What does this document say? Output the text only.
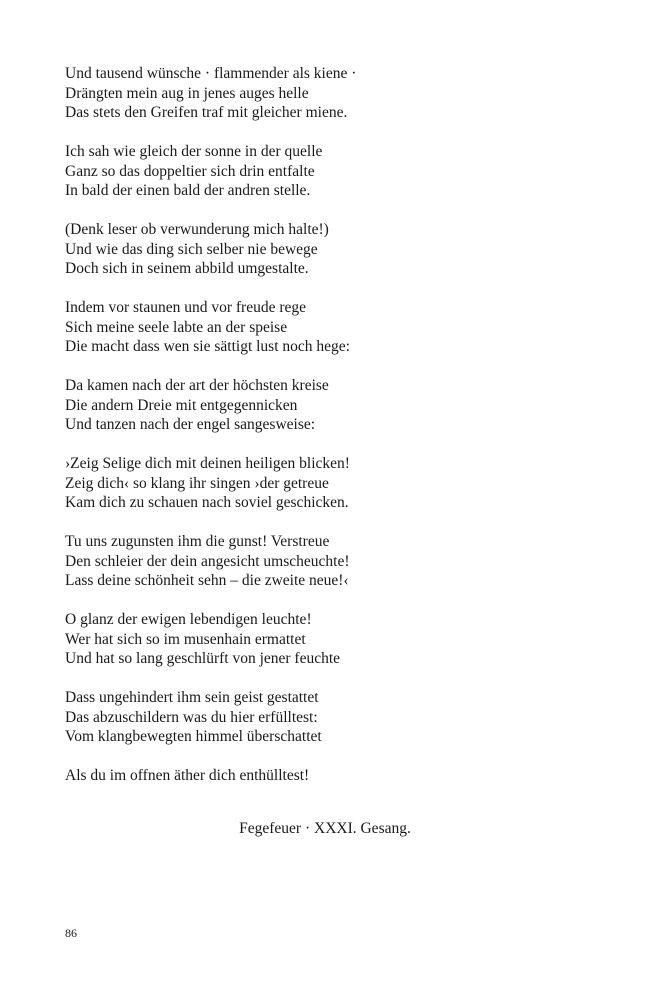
Und tausend wünsche · flammender als kiene ·
Drängten mein aug in jenes auges helle
Das stets den Greifen traf mit gleicher miene.
Ich sah wie gleich der sonne in der quelle
Ganz so das doppeltier sich drin entfalte
In bald der einen bald der andren stelle.
(Denk leser ob verwunderung mich halte!)
Und wie das ding sich selber nie bewege
Doch sich in seinem abbild umgestalte.
Indem vor staunen und vor freude rege
Sich meine seele labte an der speise
Die macht dass wen sie sättigt lust noch hege:
Da kamen nach der art der höchsten kreise
Die andern Dreie mit entgegennicken
Und tanzen nach der engel sangesweise:
›Zeig Selige dich mit deinen heiligen blicken!
Zeig dich‹ so klang ihr singen ›der getreue
Kam dich zu schauen nach soviel geschicken.
Tu uns zugunsten ihm die gunst! Verstreue
Den schleier der dein angesicht umscheuchte!
Lass deine schönheit sehn – die zweite neue!‹
O glanz der ewigen lebendigen leuchte!
Wer hat sich so im musenhain ermattet
Und hat so lang geschlürft von jener feuchte
Dass ungehindert ihm sein geist gestattet
Das abzuschildern was du hier erfülltest:
Vom klangbewegten himmel überschattet
Als du im offnen äther dich enthülltest!
Fegefeuer · XXXI. Gesang.
86
